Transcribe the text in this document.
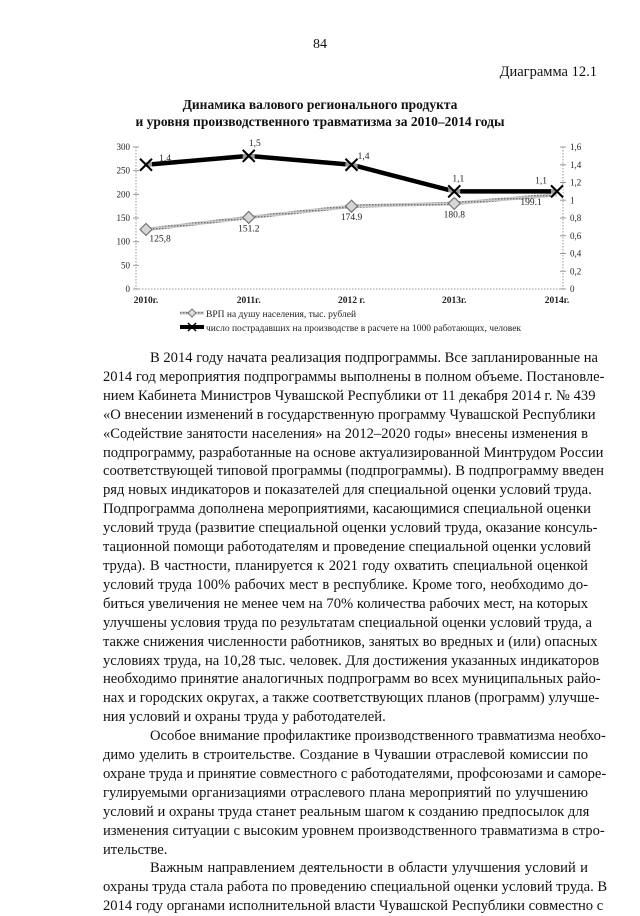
84
Диаграмма 12.1
Динамика валового регионального продукта
и уровня производственного травматизма за 2010–2014 годы
0
50
100
150
200
250
300
0
0,2
0,4
0,6
0,8
1
1,2
1,4
1,6
2010г.	2011г.	2012 г.	2013г.	2014г.
125,8
151.2
174.9	180.8
199.1
1,4
1,5
1,4
1,1	1,1
ВРП на душу населения, тыс. рублей
число пострадавших на производстве в расчете на 1000 работающих, человек
В 2014 году начата реализация подпрограммы. Все запланированные на
2014 год мероприятия подпрограммы выполнены в полном объеме. Постановле-
нием Кабинета Министров Чувашской Республики от 11 декабря 2014 г. № 439
«О внесении изменений в государственную программу Чувашской Республики
«Содействие занятости населения» на 2012–2020 годы» внесены изменения в
подпрограмму, разработанные на основе актуализированной Минтрудом России
соответствующей типовой программы (подпрограммы). В подпрограмму введен
ряд новых индикаторов и показателей для специальной оценки условий труда.
Подпрограмма дополнена мероприятиями, касающимися специальной оценки
условий труда (развитие специальной оценки условий труда, оказание консуль-
тационной помощи работодателям и проведение специальной оценки условий
труда). В частности, планируется к 2021 году охватить специальной оценкой
условий труда 100% рабочих мест в республике. Кроме того, необходимо до-
биться увеличения не менее чем на 70% количества рабочих мест, на которых
улучшены условия труда по результатам специальной оценки условий труда, а
также снижения численности работников, занятых во вредных и (или) опасных
условиях труда, на 10,28 тыс. человек. Для достижения указанных индикаторов
необходимо принятие аналогичных подпрограмм во всех муниципальных райо-
нах и городских округах, а также соответствующих планов (программ) улучше-
ния условий и охраны труда у работодателей.
Особое внимание профилактике производственного травматизма необхо-
димо уделить в строительстве. Создание в Чувашии отраслевой комиссии по
охране труда и принятие совместного с работодателями, профсоюзами и саморе-
гулируемыми организациями отраслевого плана мероприятий по улучшению
условий и охраны труда станет реальным шагом к созданию предпосылок для
изменения ситуации с высоким уровнем производственного травматизма в стро-
ительстве.
Важным направлением деятельности в области улучшения условий и
охраны труда стала работа по проведению специальной оценки условий труда. В
2014 году органами исполнительной власти Чувашской Республики совместно с
